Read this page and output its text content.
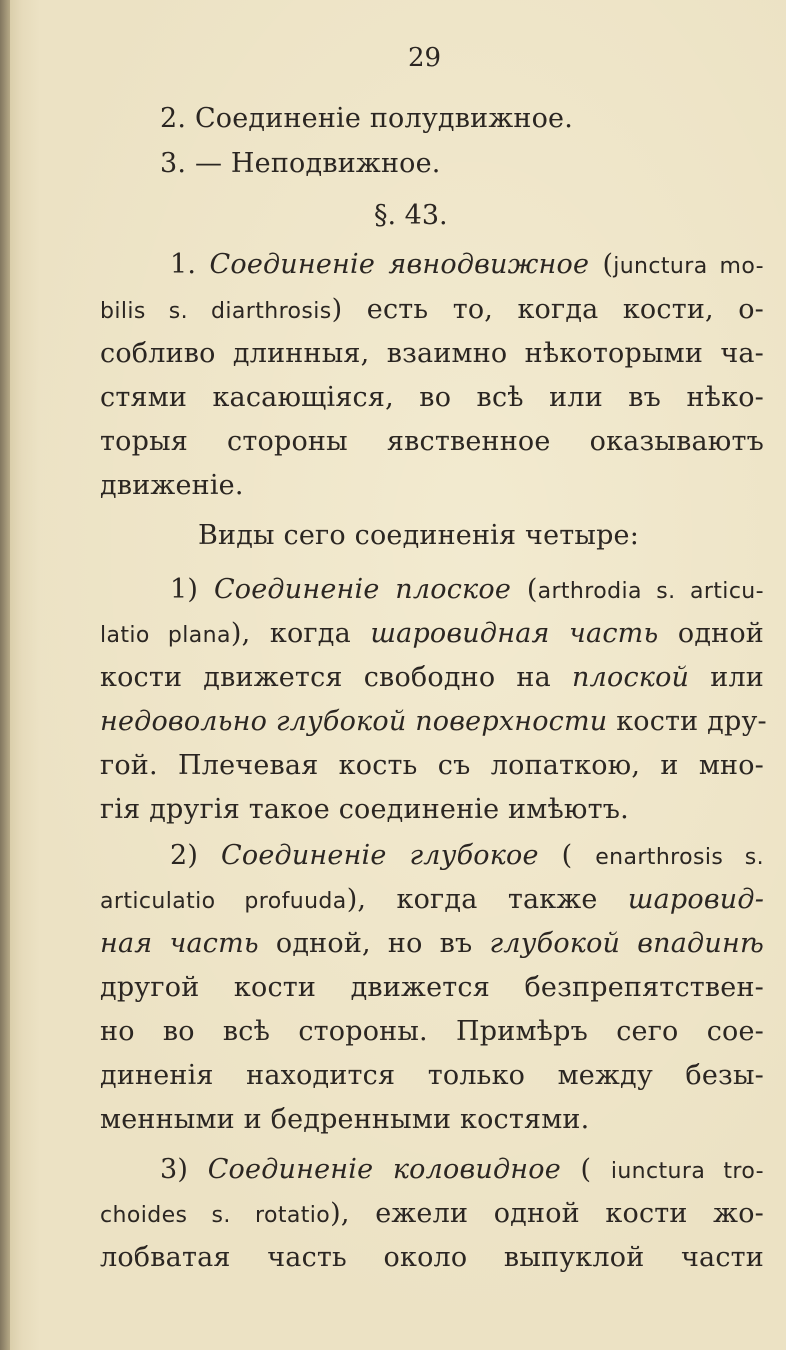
29
2. Соединеніе полудвижное.
3. — Неподвижное.
§. 43.
1. Соединеніе явнодвижное (junctura mo-
bilis s. diarthrosis) есть то, когда кости, о-
собливо длинныя, взаимно нѣкоторыми ча-
стями касающіяся, во всѣ или въ нѣко-
торыя стороны явственное оказываютъ
движеніе.
Виды сего соединенія четыре:
1) Соединеніе плоское (arthrodia s. articu-
latio plana), когда шаровидная часть одной
кости движется свободно на плоской или
недовольно глубокой поверхности кости дру-
гой. Плечевая кость съ лопаткою, и мно-
гія другія такое соединеніе имѣютъ.
2) Соединеніе глубокое ( enarthrosis s.
articulatio profuuda), когда также шаровид-
ная часть одной, но въ глубокой впадинѣ
другой кости движется безпрепятствен-
но во всѣ стороны. Примѣръ сего сое-
диненія находится только между безы-
менными и бедренными костями.
3) Соединеніе коловидное ( iunctura tro-
choides s. rotatio), ежели одной кости жо-
лобватая часть около выпуклой части
